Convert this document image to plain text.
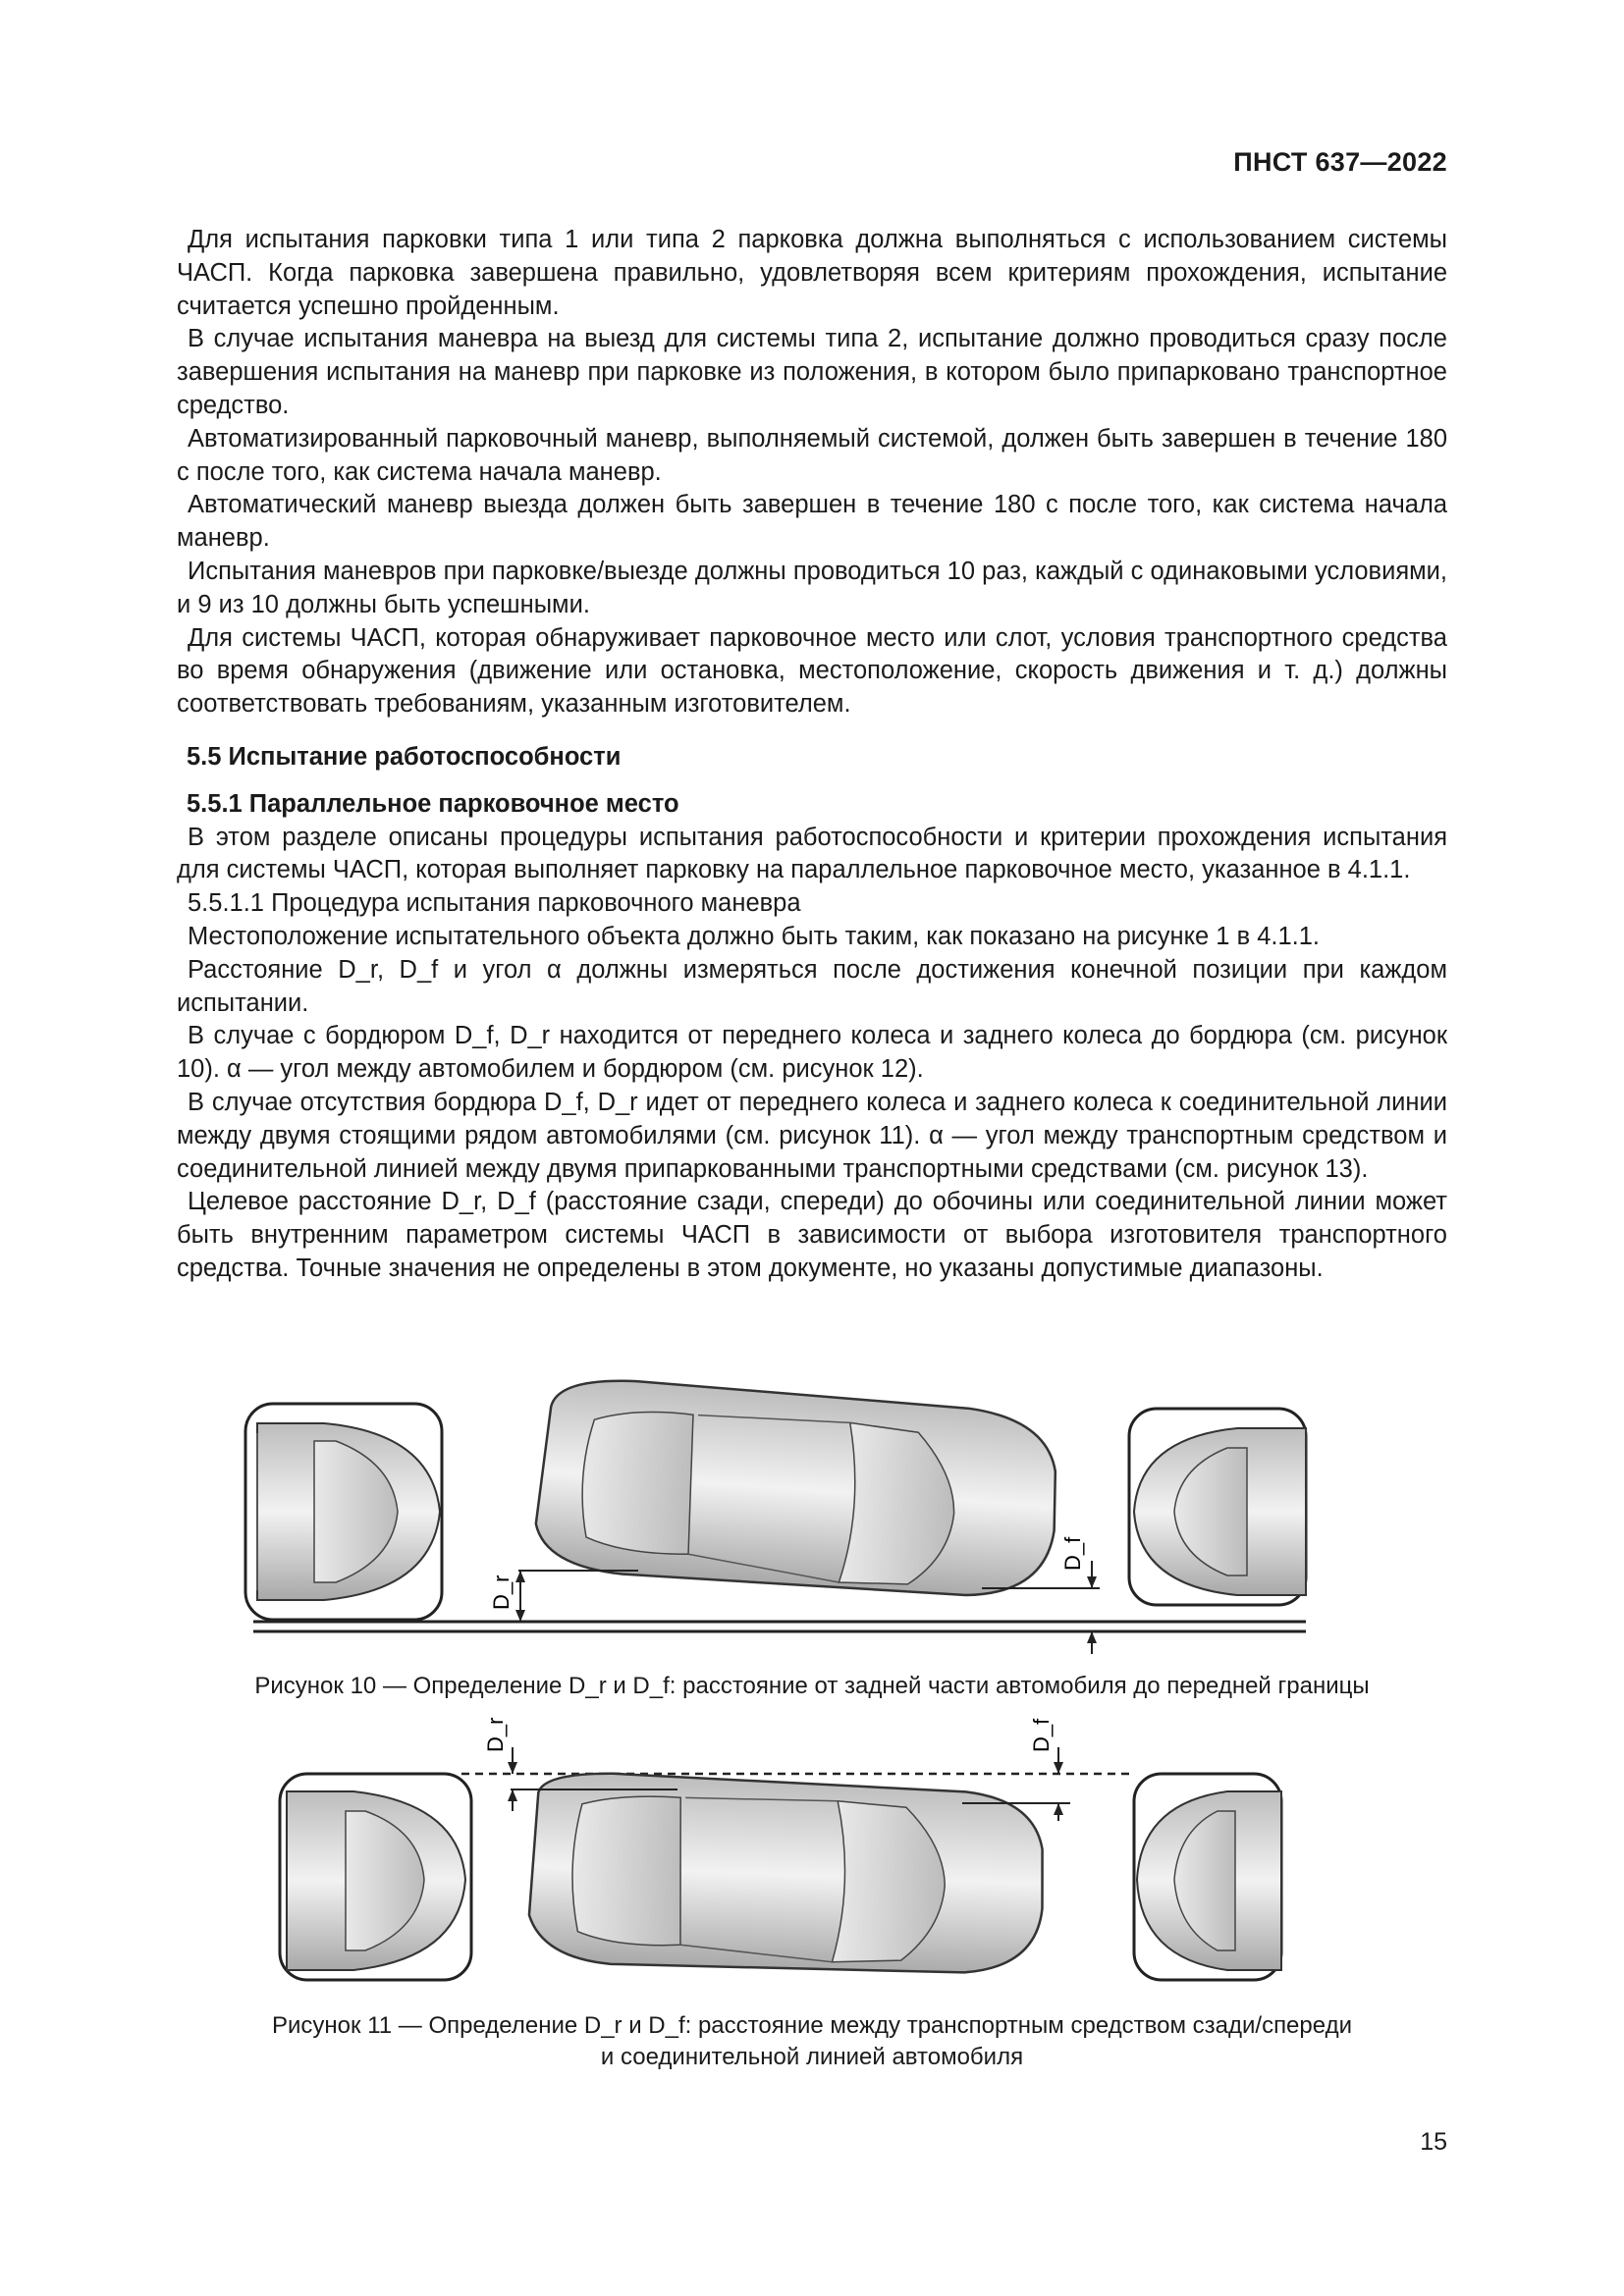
ПНСТ 637—2022

Для испытания парковки типа 1 или типа 2 парковка должна выполняться с использованием системы ЧАСП. Когда парковка завершена правильно, удовлетворяя всем критериям прохождения, испытание считается успешно пройденным.

В случае испытания маневра на выезд для системы типа 2, испытание должно проводиться сразу после завершения испытания на маневр при парковке из положения, в котором было припарковано транспортное средство.

Автоматизированный парковочный маневр, выполняемый системой, должен быть завершен в течение 180 с после того, как система начала маневр.

Автоматический маневр выезда должен быть завершен в течение 180 с после того, как система начала маневр.

Испытания маневров при парковке/выезде должны проводиться 10 раз, каждый с одинаковыми условиями, и 9 из 10 должны быть успешными.

Для системы ЧАСП, которая обнаруживает парковочное место или слот, условия транспортного средства во время обнаружения (движение или остановка, местоположение, скорость движения и т. д.) должны соответствовать требованиям, указанным изготовителем.

5.5 Испытание работоспособности
5.5.1 Параллельное парковочное место

В этом разделе описаны процедуры испытания работоспособности и критерии прохождения испытания для системы ЧАСП, которая выполняет парковку на параллельное парковочное место, указанное в 4.1.1.

5.5.1.1 Процедура испытания парковочного маневра

Местоположение испытательного объекта должно быть таким, как показано на рисунке 1 в 4.1.1.

Расстояние D_r, D_f и угол α должны измеряться после достижения конечной позиции при каждом испытании.

В случае с бордюром D_f, D_r находится от переднего колеса и заднего колеса до бордюра (см. рисунок 10). α — угол между автомобилем и бордюром (см. рисунок 12).

В случае отсутствия бордюра D_f, D_r идет от переднего колеса и заднего колеса к соединительной линии между двумя стоящими рядом автомобилями (см. рисунок 11). α — угол между транспортным средством и соединительной линией между двумя припаркованными транспортными средствами (см. рисунок 13).

Целевое расстояние D_r, D_f (расстояние сзади, спереди) до обочины или соединительной линии может быть внутренним параметром системы ЧАСП в зависимости от выбора изготовителя транспортного средства. Точные значения не определены в этом документе, но указаны допустимые диапазоны.

D_r
D_f
Рисунок 10 — Определение D_r и D_f: расстояние от задней части автомобиля до передней границы
D_r	D_f
Рисунок 11 — Определение D_r и D_f: расстояние между транспортным средством сзади/спереди
и соединительной линией автомобиля
15
